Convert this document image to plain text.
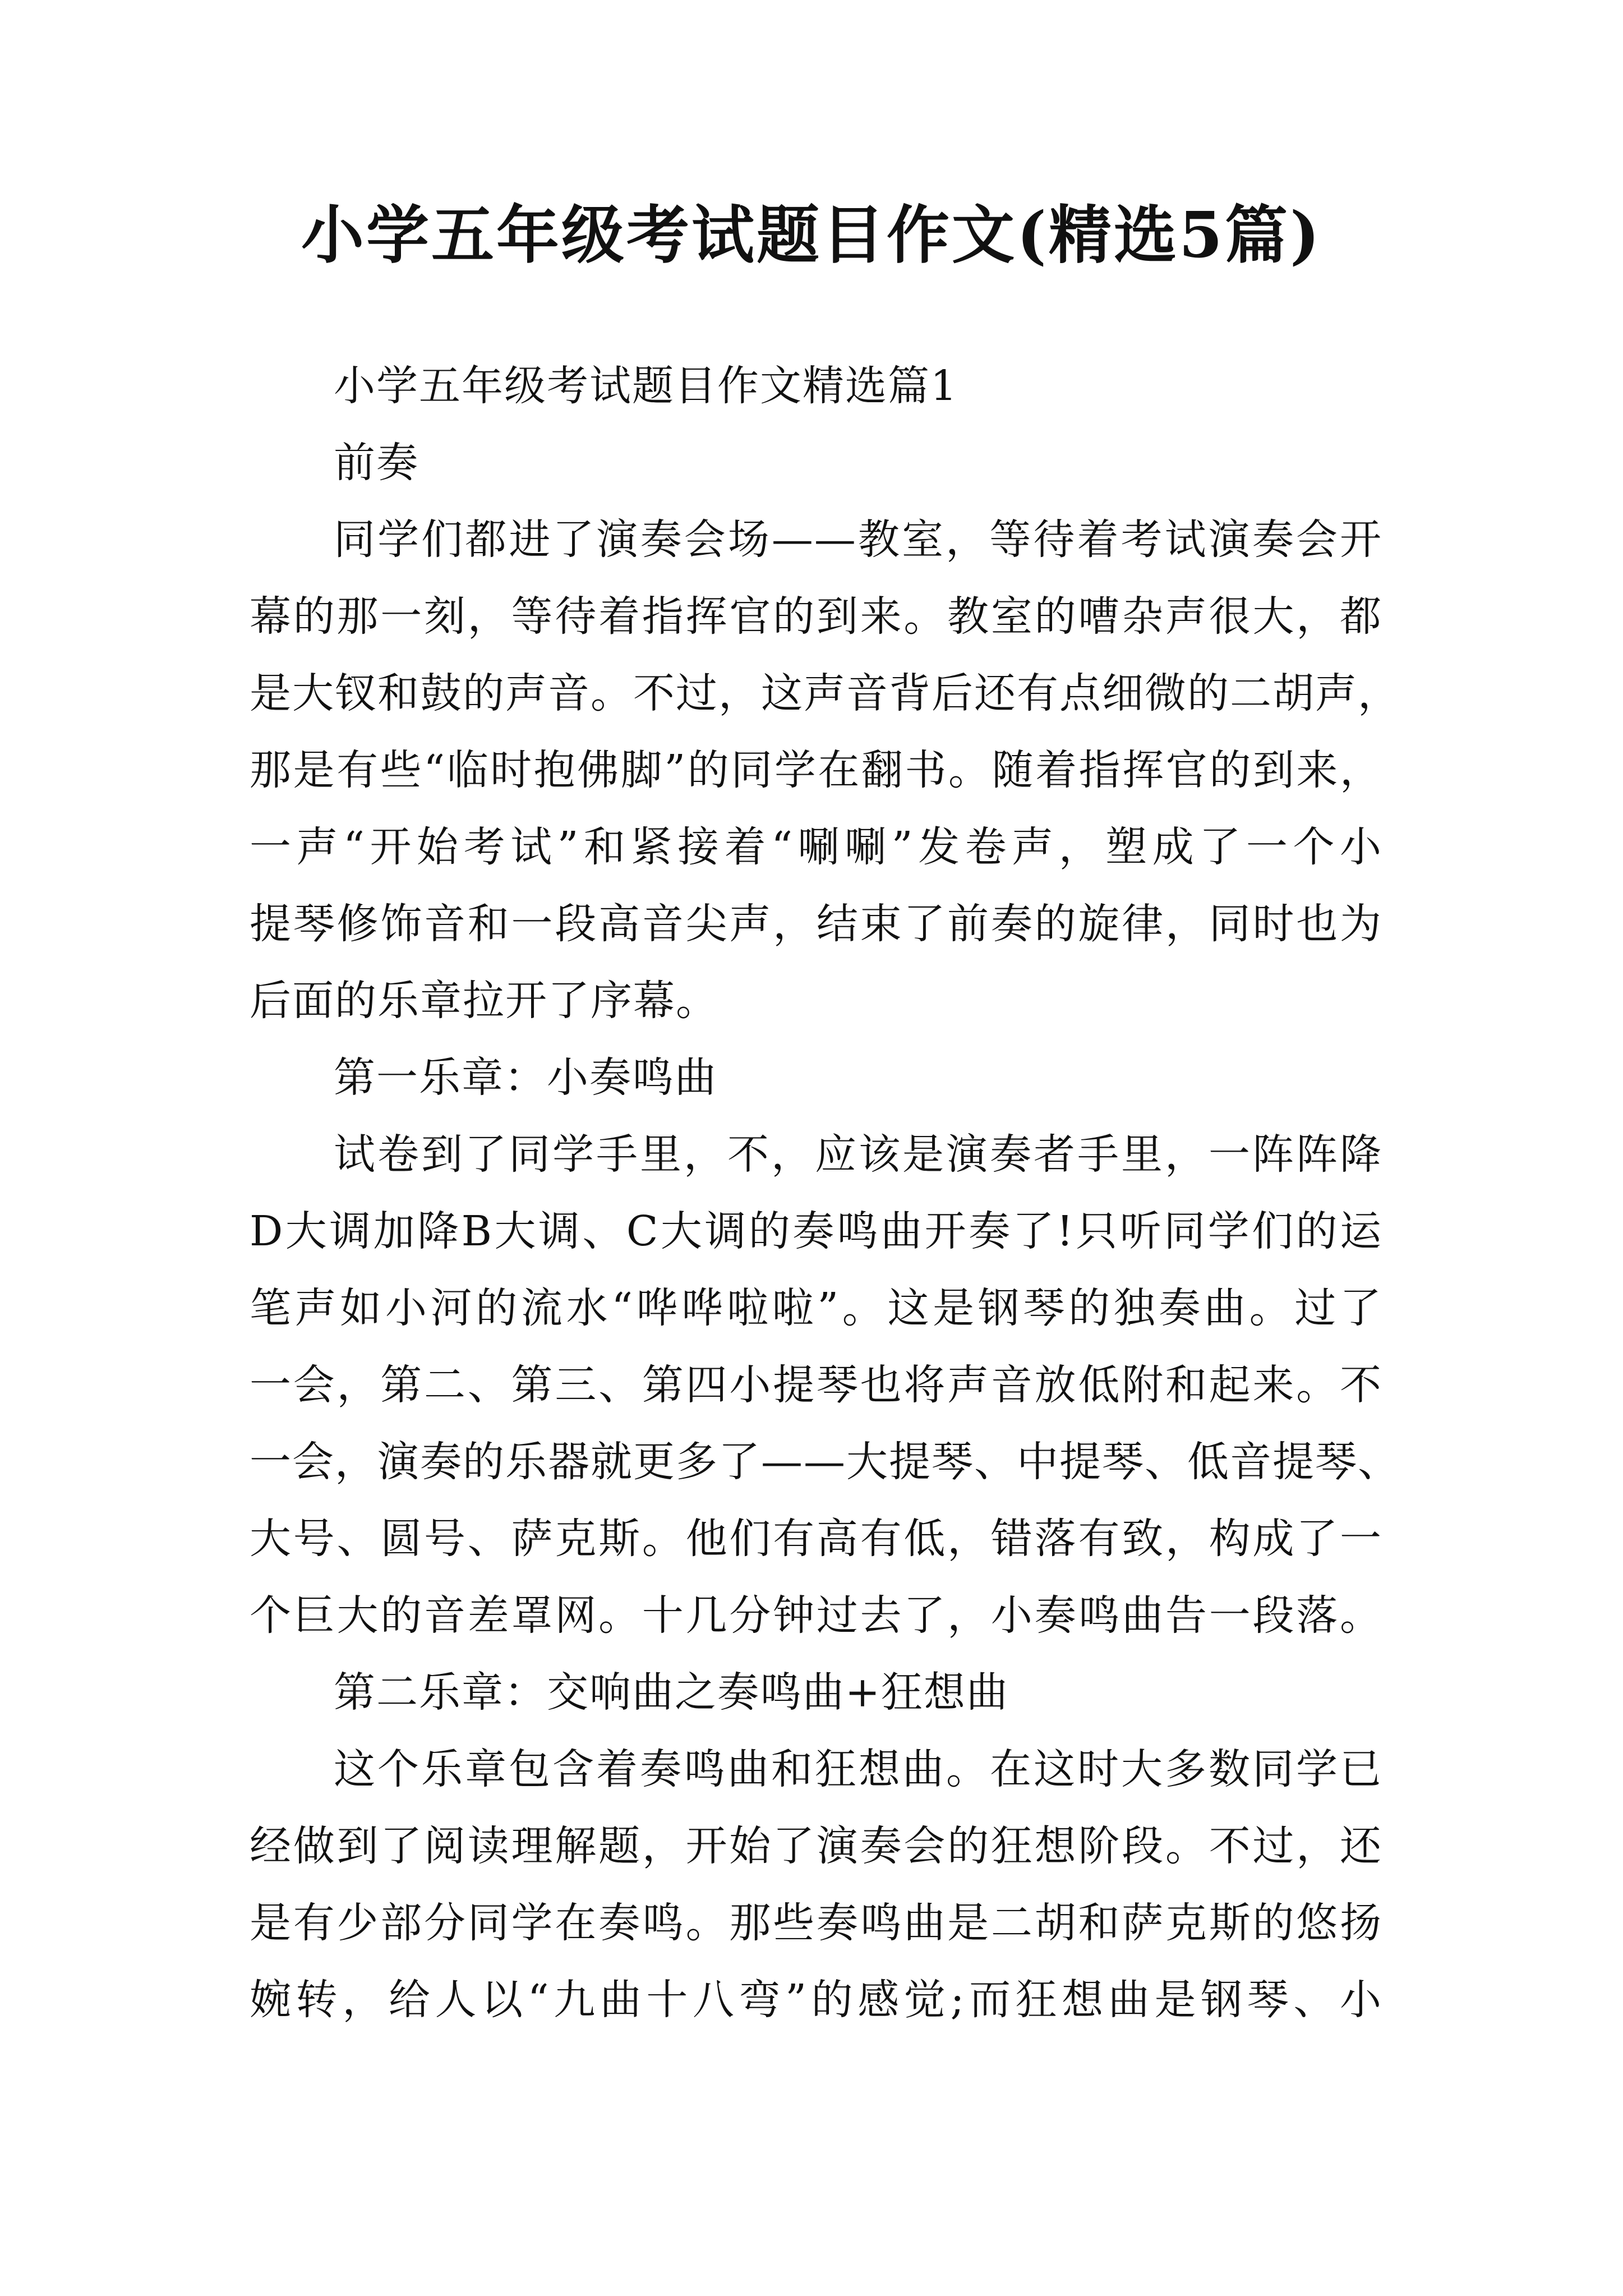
小学五年级考试题目作文(精选5篇)

小学五年级考试题目作文精选篇1

前奏

同学们都进了演奏会场——教室，等待着考试演奏会开

幕的那一刻，等待着指挥官的到来。教室的嘈杂声很大，都

是大钗和鼓的声音。不过，这声音背后还有点细微的二胡声，

那是有些“临时抱佛脚”的同学在翻书。随着指挥官的到来，

一声“开始考试”和紧接着“唰唰”发卷声，塑成了一个小

提琴修饰音和一段高音尖声，结束了前奏的旋律，同时也为

后面的乐章拉开了序幕。

第一乐章：小奏鸣曲

试卷到了同学手里，不，应该是演奏者手里，一阵阵降

D大调加降B大调、C大调的奏鸣曲开奏了!只听同学们的运

笔声如小河的流水“哗哗啦啦”。这是钢琴的独奏曲。过了

一会，第二、第三、第四小提琴也将声音放低附和起来。不

一会，演奏的乐器就更多了——大提琴、中提琴、低音提琴、

大号、圆号、萨克斯。他们有高有低，错落有致，构成了一

个巨大的音差罩网。十几分钟过去了，小奏鸣曲告一段落。

第二乐章：交响曲之奏鸣曲+狂想曲

这个乐章包含着奏鸣曲和狂想曲。在这时大多数同学已

经做到了阅读理解题，开始了演奏会的狂想阶段。不过，还

是有少部分同学在奏鸣。那些奏鸣曲是二胡和萨克斯的悠扬

婉转，给人以“九曲十八弯”的感觉;而狂想曲是钢琴、小
